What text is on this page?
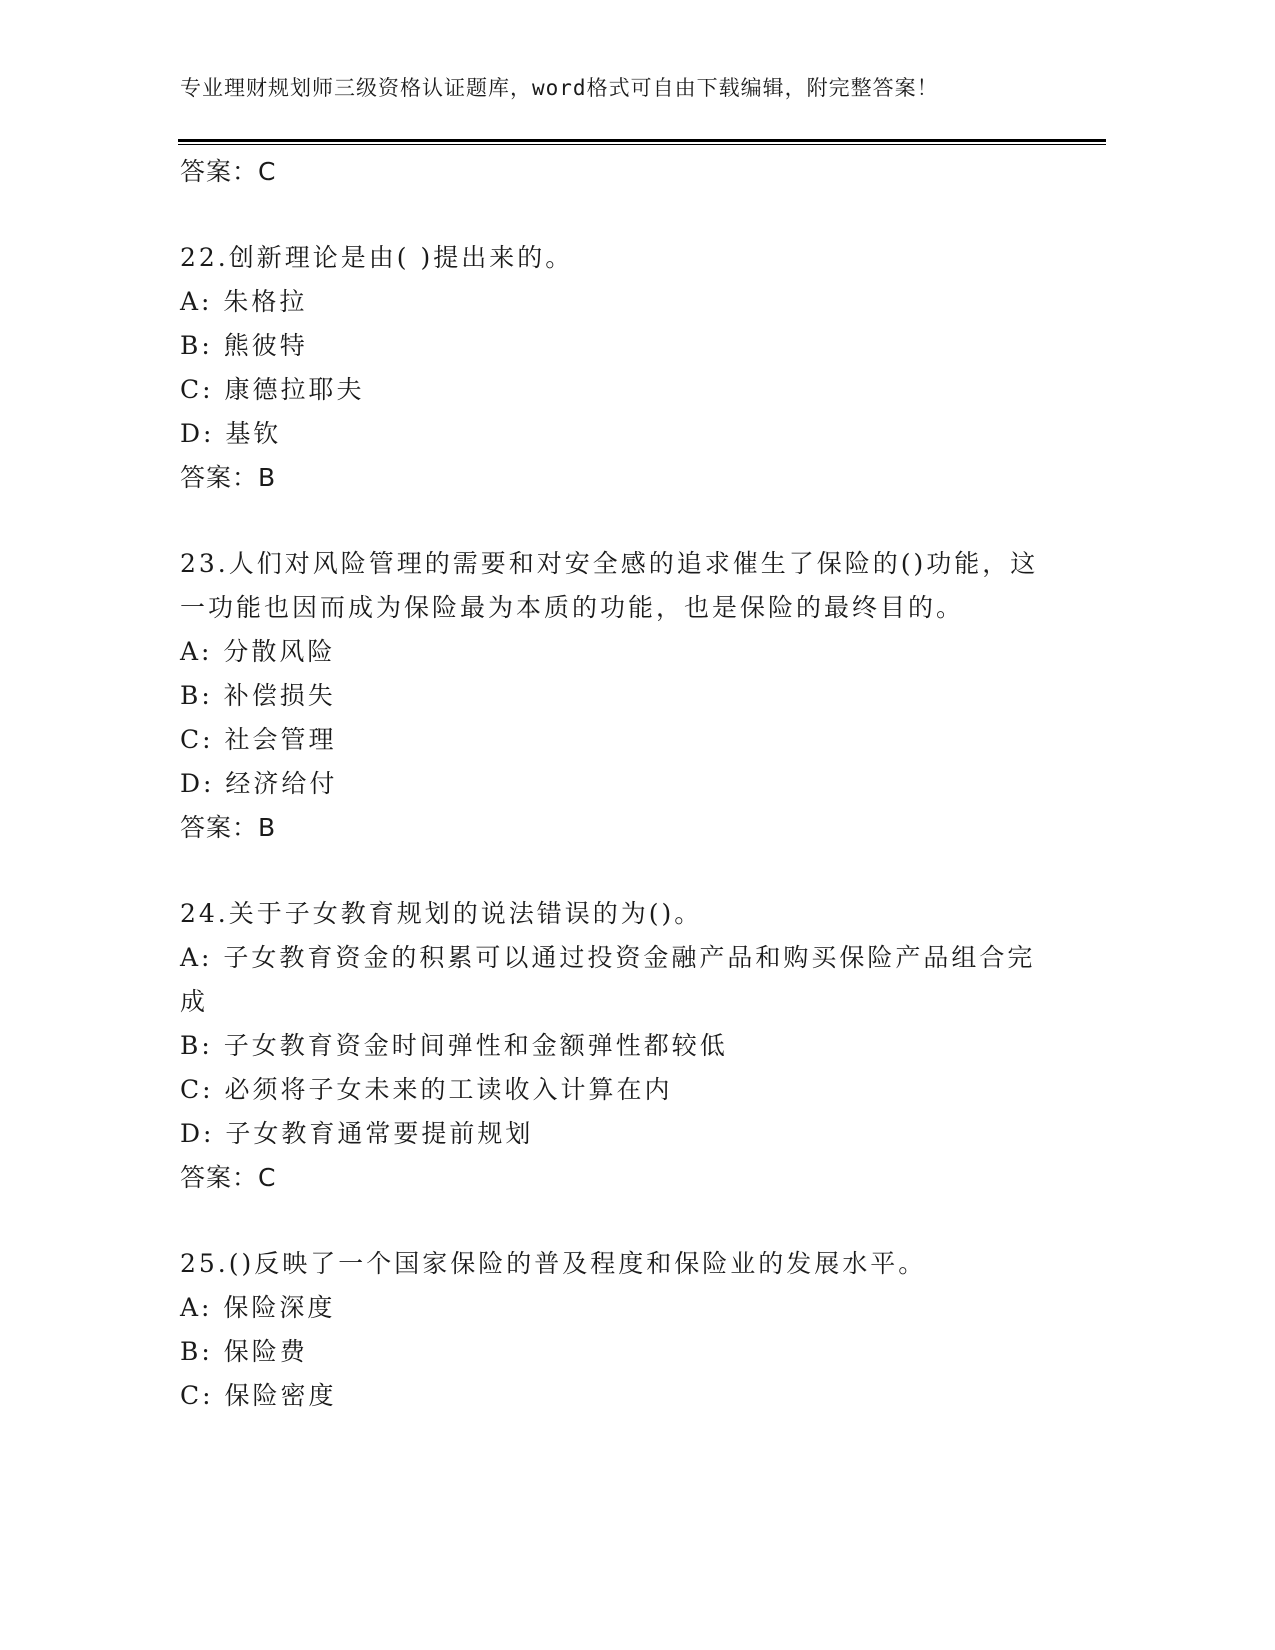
专业理财规划师三级资格认证题库，word格式可自由下载编辑，附完整答案！
答案：C
22.创新理论是由( )提出来的。
A: 朱格拉
B: 熊彼特
C: 康德拉耶夫
D: 基钦
答案：B
23.人们对风险管理的需要和对安全感的追求催生了保险的()功能，这
一功能也因而成为保险最为本质的功能，也是保险的最终目的。
A: 分散风险
B: 补偿损失
C: 社会管理
D: 经济给付
答案：B
24.关于子女教育规划的说法错误的为()。
A: 子女教育资金的积累可以通过投资金融产品和购买保险产品组合完
成
B: 子女教育资金时间弹性和金额弹性都较低
C: 必须将子女未来的工读收入计算在内
D: 子女教育通常要提前规划
答案：C
25.()反映了一个国家保险的普及程度和保险业的发展水平。
A: 保险深度
B: 保险费
C: 保险密度
